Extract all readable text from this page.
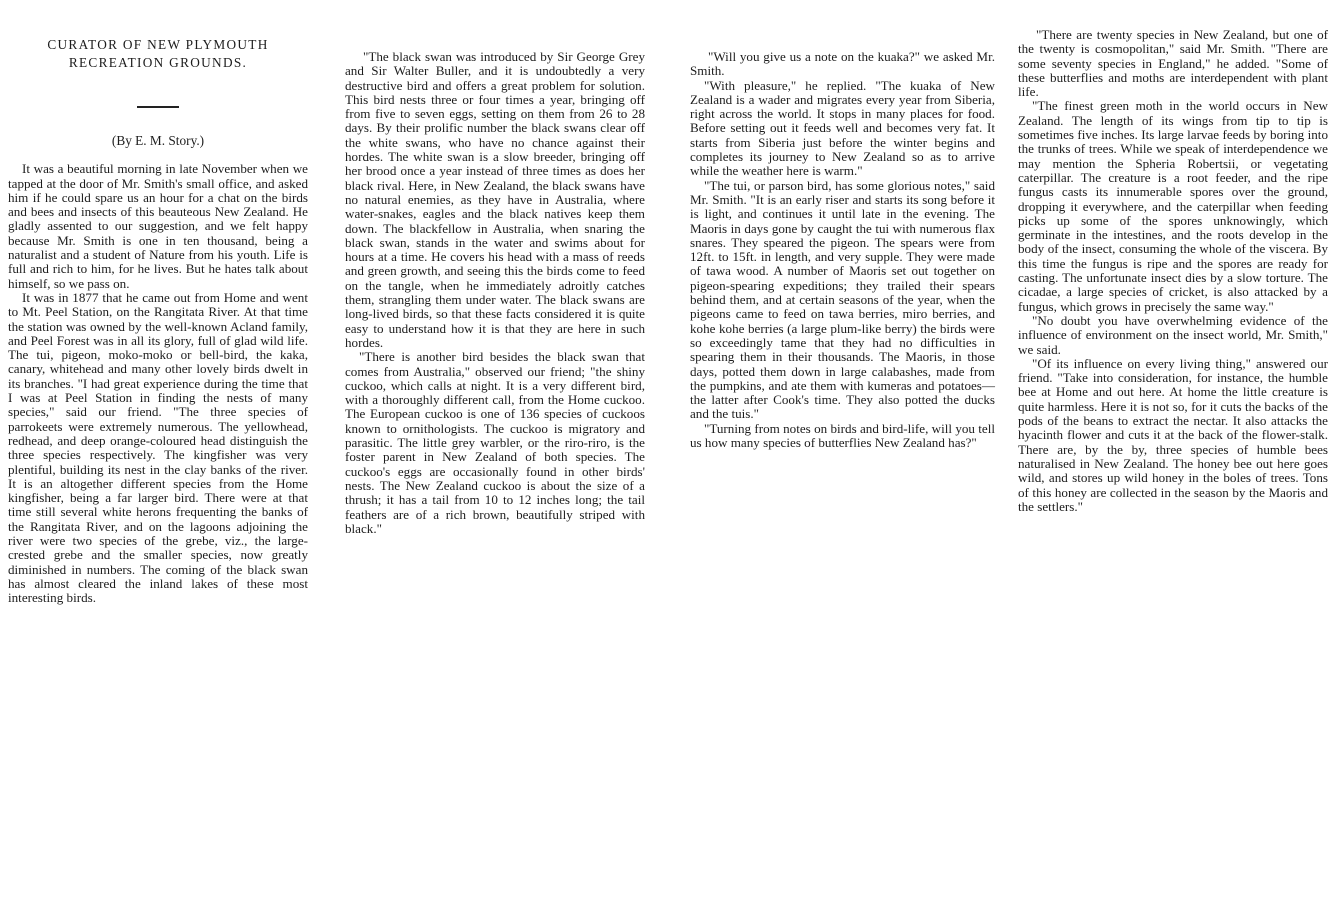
CURATOR OF NEW PLYMOUTH
RECREATION GROUNDS.

(By E. M. Story.)

It was a beautiful morning in late November when we tapped at the door of Mr. Smith's small office, and asked him if he could spare us an hour for a chat on the birds and bees and insects of this beauteous New Zealand. He gladly assented to our suggestion, and we felt happy because Mr. Smith is one in ten thousand, being a naturalist and a student of Nature from his youth. Life is full and rich to him, for he lives. But he hates talk about himself, so we pass on.

It was in 1877 that he came out from Home and went to Mt. Peel Station, on the Rangitata River. At that time the station was owned by the well-known Acland family, and Peel Forest was in all its glory, full of glad wild life. The tui, pigeon, moko-moko or bell-bird, the kaka, canary, whitehead and many other lovely birds dwelt in its branches. "I had great experience during the time that I was at Peel Station in finding the nests of many species," said our friend. "The three species of parrokeets were extremely numerous. The yellowhead, redhead, and deep orange-coloured head distinguish the three species respectively. The kingfisher was very plentiful, building its nest in the clay banks of the river. It is an altogether different species from the Home kingfisher, being a far larger bird. There were at that time still several white herons frequenting the banks of the Rangitata River, and on the lagoons adjoining the river were two species of the grebe, viz., the large-crested grebe and the smaller species, now greatly diminished in numbers. The coming of the black swan has almost cleared the inland lakes of these most interesting birds.

"The black swan was introduced by Sir George Grey and Sir Walter Buller, and it is undoubtedly a very destructive bird and offers a great problem for solution. This bird nests three or four times a year, bringing off from five to seven eggs, setting on them from 26 to 28 days. By their prolific number the black swans clear off the white swans, who have no chance against their hordes. The white swan is a slow breeder, bringing off her brood once a year instead of three times as does her black rival. Here, in New Zealand, the black swans have no natural enemies, as they have in Australia, where water-snakes, eagles and the black natives keep them down. The blackfellow in Australia, when snaring the black swan, stands in the water and swims about for hours at a time. He covers his head with a mass of reeds and green growth, and seeing this the birds come to feed on the tangle, when he immediately adroitly catches them, strangling them under water. The black swans are long-lived birds, so that these facts considered it is quite easy to understand how it is that they are here in such hordes.

"There is another bird besides the black swan that comes from Australia," observed our friend; "the shiny cuckoo, which calls at night. It is a very different bird, with a thoroughly different call, from the Home cuckoo. The European cuckoo is one of 136 species of cuckoos known to ornithologists. The cuckoo is migratory and parasitic. The little grey warbler, or the riro-riro, is the foster parent in New Zealand of both species. The cuckoo's eggs are occasionally found in other birds' nests. The New Zealand cuckoo is about the size of a thrush; it has a tail from 10 to 12 inches long; the tail feathers are of a rich brown, beautifully striped with black."

"Will you give us a note on the kuaka?" we asked Mr. Smith.

"With pleasure," he replied. "The kuaka of New Zealand is a wader and migrates every year from Siberia, right across the world. It stops in many places for food. Before setting out it feeds well and becomes very fat. It starts from Siberia just before the winter begins and completes its journey to New Zealand so as to arrive while the weather here is warm."

"The tui, or parson bird, has some glorious notes," said Mr. Smith. "It is an early riser and starts its song before it is light, and continues it until late in the evening. The Maoris in days gone by caught the tui with numerous flax snares. They speared the pigeon. The spears were from 12ft. to 15ft. in length, and very supple. They were made of tawa wood. A number of Maoris set out together on pigeon-spearing expeditions; they trailed their spears behind them, and at certain seasons of the year, when the pigeons came to feed on tawa berries, miro berries, and kohe kohe berries (a large plum-like berry) the birds were so exceedingly tame that they had no difficulties in spearing them in their thousands. The Maoris, in those days, potted them down in large calabashes, made from the pumpkins, and ate them with kumeras and potatoes—the latter after Cook's time. They also potted the ducks and the tuis."

"Turning from notes on birds and bird-life, will you tell us how many species of butterflies New Zealand has?"

"There are twenty species in New Zealand, but one of the twenty is cosmopolitan," said Mr. Smith. "There are some seventy species in England," he added. "Some of these butterflies and moths are interdependent with plant life.

"The finest green moth in the world occurs in New Zealand. The length of its wings from tip to tip is sometimes five inches. Its large larvae feeds by boring into the trunks of trees. While we speak of interdependence we may mention the Spheria Robertsii, or vegetating caterpillar. The creature is a root feeder, and the ripe fungus casts its innumerable spores over the ground, dropping it everywhere, and the caterpillar when feeding picks up some of the spores unknowingly, which germinate in the intestines, and the roots develop in the body of the insect, consuming the whole of the viscera. By this time the fungus is ripe and the spores are ready for casting. The unfortunate insect dies by a slow torture. The cicadae, a large species of cricket, is also attacked by a fungus, which grows in precisely the same way."

"No doubt you have overwhelming evidence of the influence of environment on the insect world, Mr. Smith," we said.

"Of its influence on every living thing," answered our friend. "Take into consideration, for instance, the humble bee at Home and out here. At home the little creature is quite harmless. Here it is not so, for it cuts the backs of the pods of the beans to extract the nectar. It also attacks the hyacinth flower and cuts it at the back of the flower-stalk. There are, by the by, three species of humble bees naturalised in New Zealand. The honey bee out here goes wild, and stores up wild honey in the boles of trees. Tons of this honey are collected in the season by the Maoris and the settlers."
